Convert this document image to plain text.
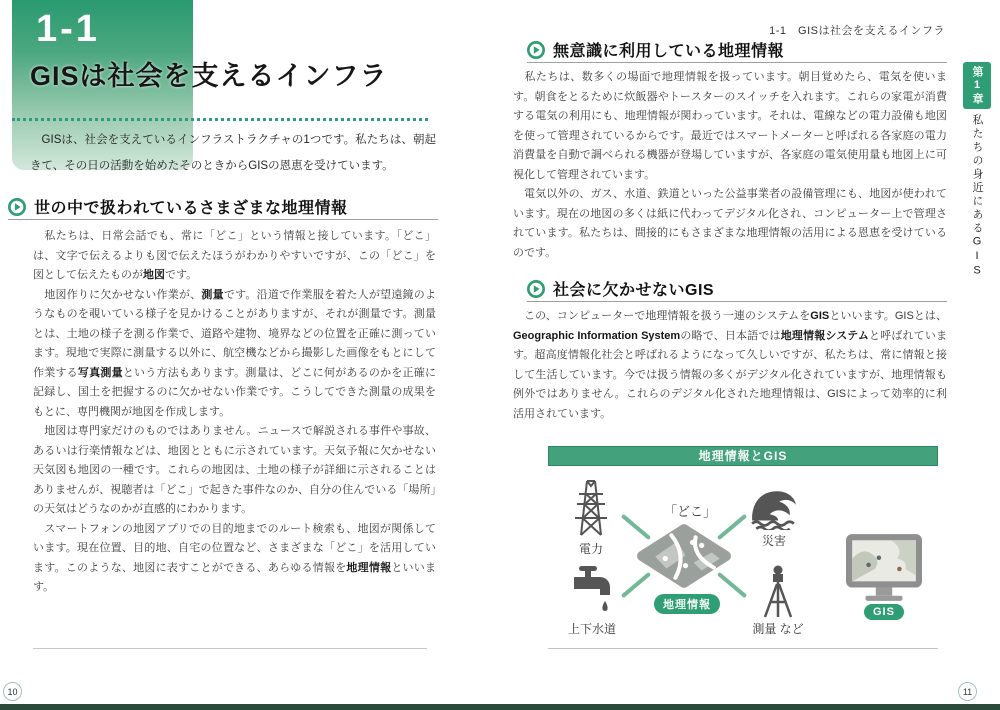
1-1
GISは社会を支えるインフラ

　GISは、社会を支えているインフラストラクチャの1つです。私たちは、朝起きて、その日の活動を始めたそのときからGISの恩恵を受けています。

世の中で扱われているさまざまな地理情報

　私たちは、日常会話でも、常に「どこ」という情報と接しています。「どこ」は、文字で伝えるよりも図で伝えたほうがわかりやすいですが、この「どこ」を図として伝えたものが地図です。

　地図作りに欠かせない作業が、測量です。沿道で作業服を着た人が望遠鏡のようなものを覗いている様子を見かけることがありますが、それが測量です。測量とは、土地の様子を測る作業で、道路や建物、境界などの位置を正確に測っています。現地で実際に測量する以外に、航空機などから撮影した画像をもとにして作業する写真測量という方法もあります。測量は、どこに何があるのかを正確に記録し、国土を把握するのに欠かせない作業です。こうしてできた測量の成果をもとに、専門機関が地図を作成します。

　地図は専門家だけのものではありません。ニュースで解説される事件や事故、あるいは行楽情報などは、地図とともに示されています。天気予報に欠かせない天気図も地図の一種です。これらの地図は、土地の様子が詳細に示されることはありませんが、視聴者は「どこ」で起きた事件なのか、自分の住んでいる「場所」の天気はどうなのかが直感的にわかります。

　スマートフォンの地図アプリでの目的地までのルート検索も、地図が関係しています。現在位置、目的地、自宅の位置など、さまざまな「どこ」を活用しています。このような、地図に表すことができる、あらゆる情報を地理情報といいます。

10
1-1　GISは社会を支えるインフラ
第1章
私たちの身近にあるGIS
無意識に利用している地理情報

　私たちは、数多くの場面で地理情報を扱っています。朝目覚めたら、電気を使います。朝食をとるために炊飯器やトースターのスイッチを入れます。これらの家電が消費する電気の利用にも、地理情報が関わっています。それは、電線などの電力設備も地図を使って管理されているからです。最近ではスマートメーターと呼ばれる各家庭の電力消費量を自動で調べられる機器が登場していますが、各家庭の電気使用量も地図上に可視化して管理されています。

　電気以外の、ガス、水道、鉄道といった公益事業者の設備管理にも、地図が使われています。現在の地図の多くは紙に代わってデジタル化され、コンピューター上で管理されています。私たちは、間接的にもさまざまな地理情報の活用による恩恵を受けているのです。

社会に欠かせないGIS

　この、コンピューターで地理情報を扱う一連のシステムをGISといいます。GISとは、Geographic Information Systemの略で、日本語では地理情報システムと呼ばれています。超高度情報化社会と呼ばれるようになって久しいですが、私たちは、常に情報と接して生活しています。今では扱う情報の多くがデジタル化されていますが、地理情報も例外ではありません。これらのデジタル化された地理情報は、GISによって効率的に利活用されています。

地理情報とGIS
電力
上下水道
災害
測量 など
「どこ」
地理情報
GIS
11
